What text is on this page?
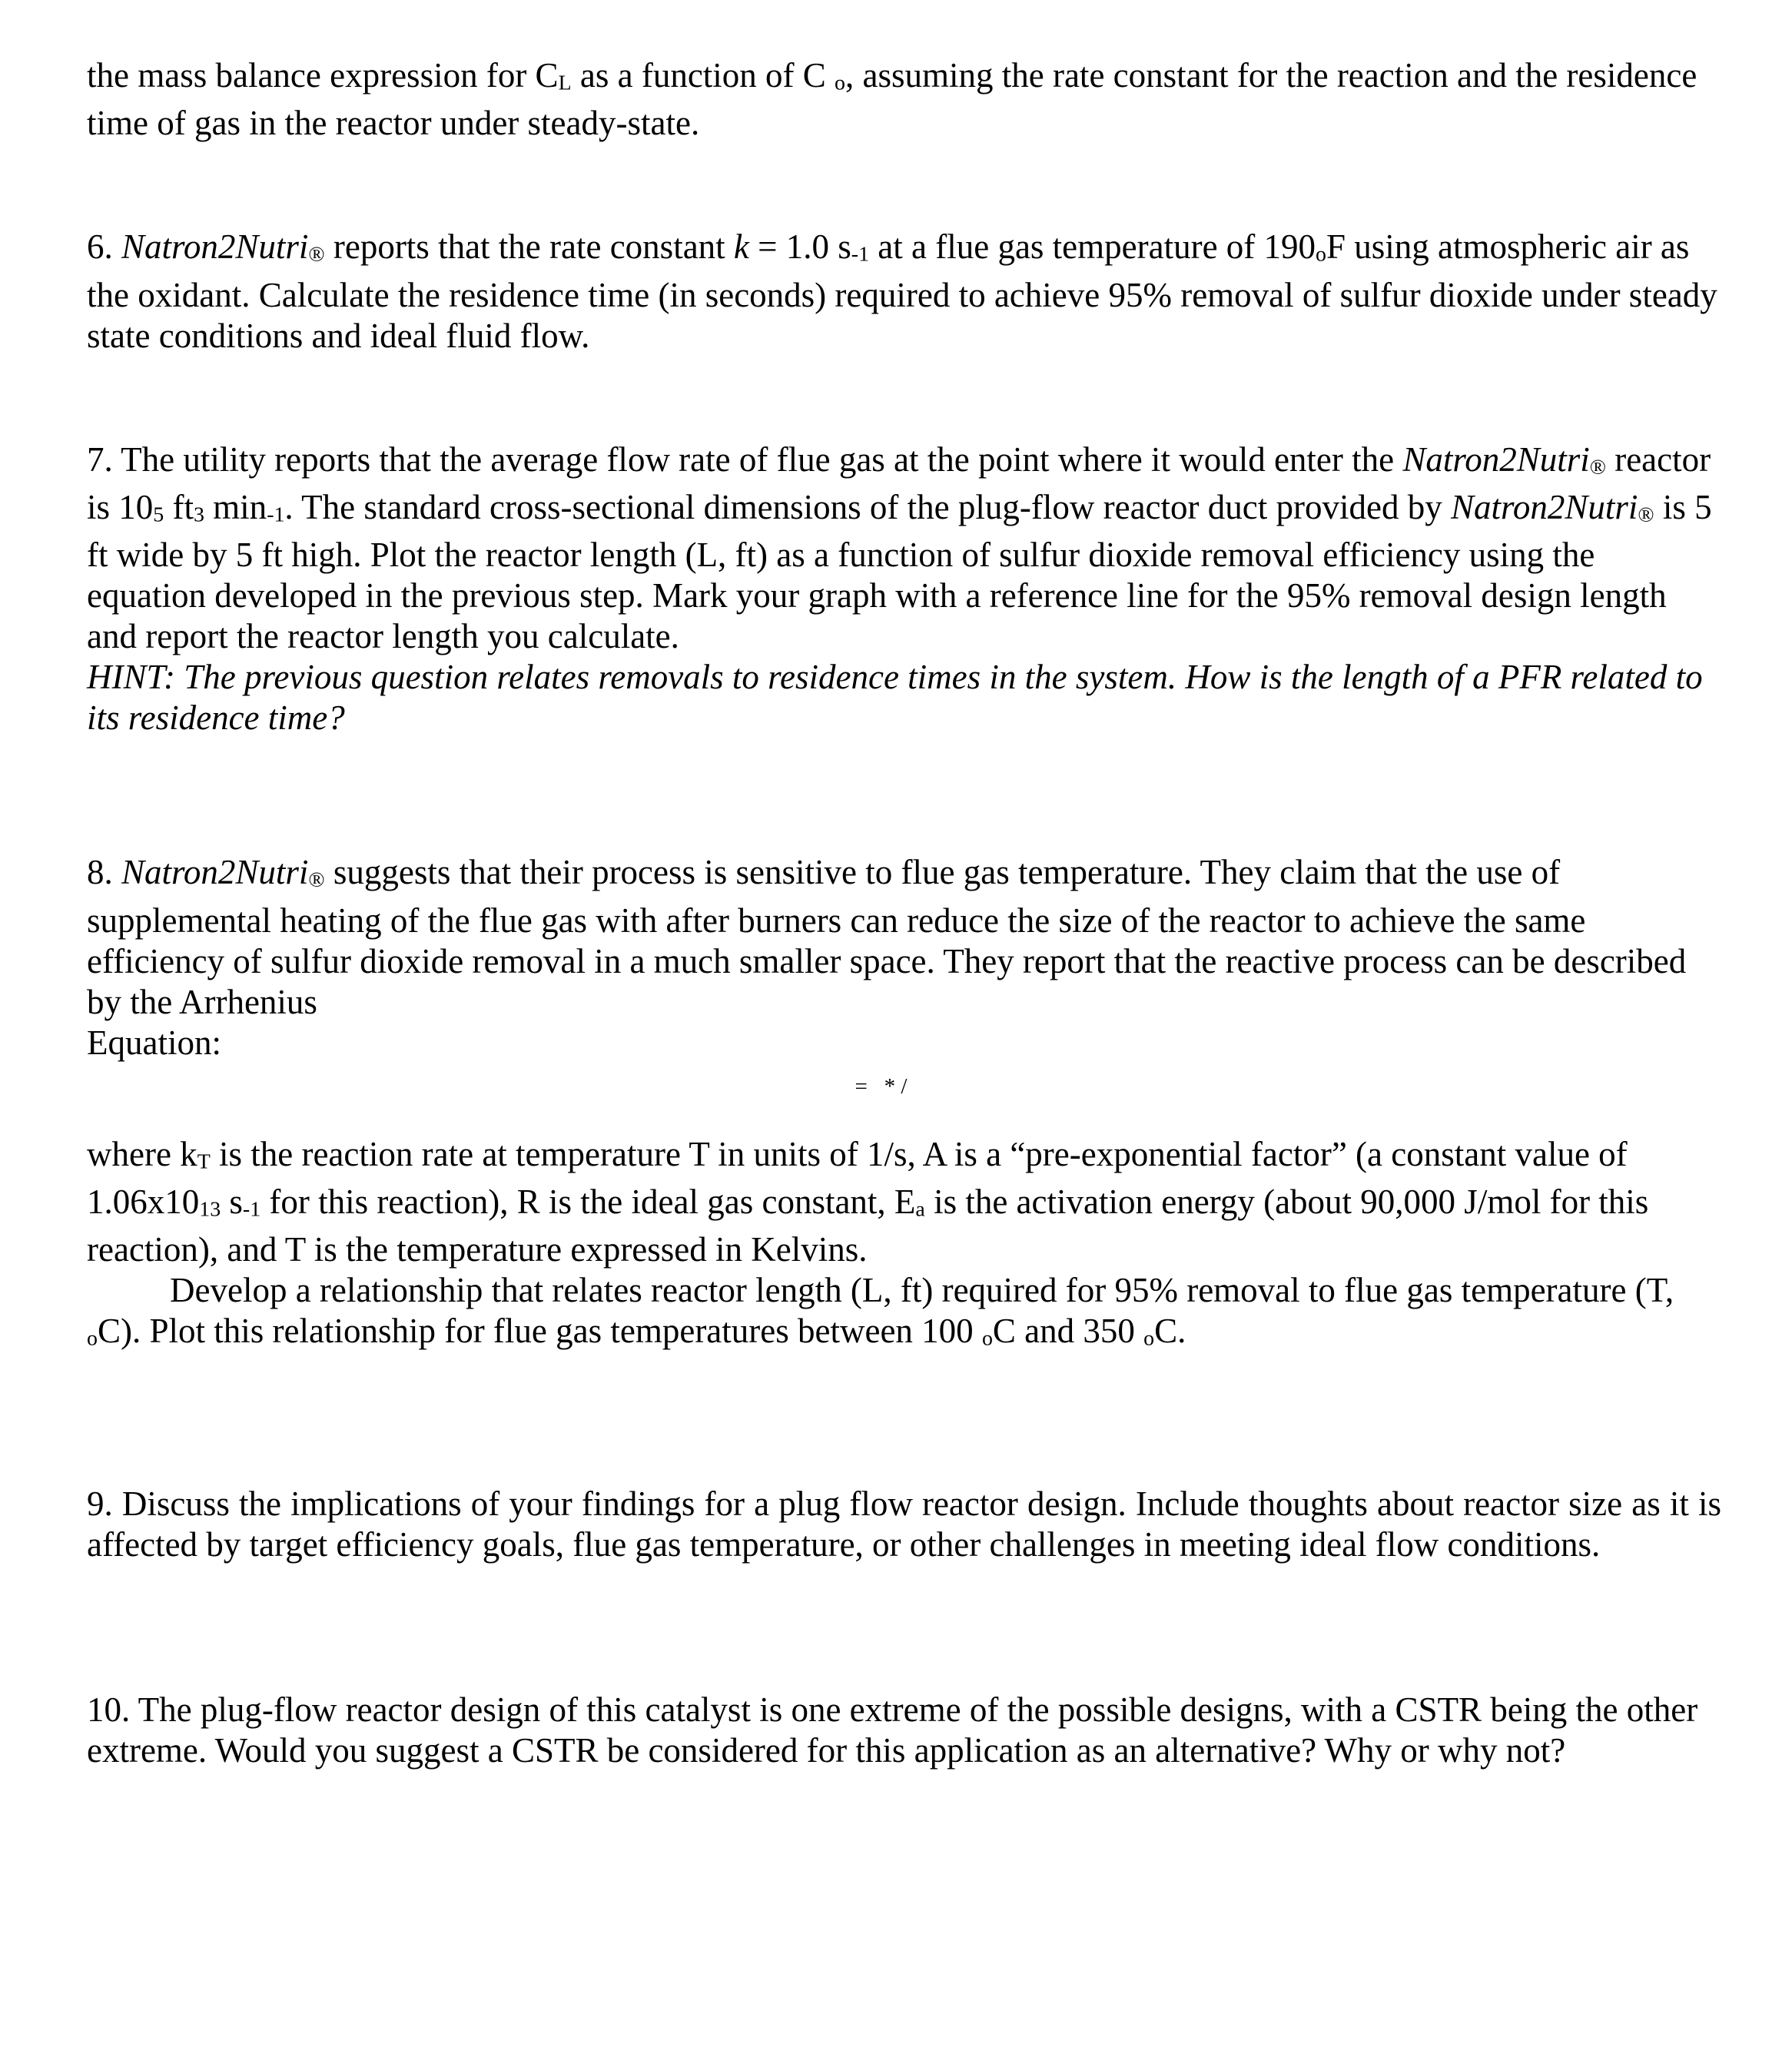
the mass balance expression for CL as a function of C o, assuming the rate constant for the reaction and the residence time of gas in the reactor under steady-state.

6. Natron2Nutri® reports that the rate constant k = 1.0 s-1 at a flue gas temperature of 190oF using atmospheric air as the oxidant. Calculate the residence time (in seconds) required to achieve 95% removal of sulfur dioxide under steady state conditions and ideal fluid flow.

7. The utility reports that the average flow rate of flue gas at the point where it would enter the Natron2Nutri® reactor is 105 ft3 min-1. The standard cross-sectional dimensions of the plug-flow reactor duct provided by Natron2Nutri® is 5 ft wide by 5 ft high. Plot the reactor length (L, ft) as a function of sulfur dioxide removal efficiency using the equation developed in the previous step. Mark your graph with a reference line for the 95% removal design length and report the reactor length you calculate.

HINT: The previous question relates removals to residence times in the system. How is the length of a PFR related to its residence time?

8. Natron2Nutri® suggests that their process is sensitive to flue gas temperature. They claim that the use of supplemental heating of the flue gas with after burners can reduce the size of the reactor to achieve the same efficiency of sulfur dioxide removal in a much smaller space. They report that the reactive process can be described by the Arrhenius

Equation:

=   * /

where kT is the reaction rate at temperature T in units of 1/s, A is a “pre-exponential factor” (a constant value of 1.06x1013 s-1 for this reaction), R is the ideal gas constant, Ea is the activation energy (about 90,000 J/mol for this reaction), and T is the temperature expressed in Kelvins.

Develop a relationship that relates reactor length (L, ft) required for 95% removal to flue gas temperature (T, oC). Plot this relationship for flue gas temperatures between 100 oC and 350 oC.

9. Discuss the implications of your findings for a plug flow reactor design. Include thoughts about reactor size as it is affected by target efficiency goals, flue gas temperature, or other challenges in meeting ideal flow conditions.

10. The plug-flow reactor design of this catalyst is one extreme of the possible designs, with a CSTR being the other extreme. Would you suggest a CSTR be considered for this application as an alternative? Why or why not?
